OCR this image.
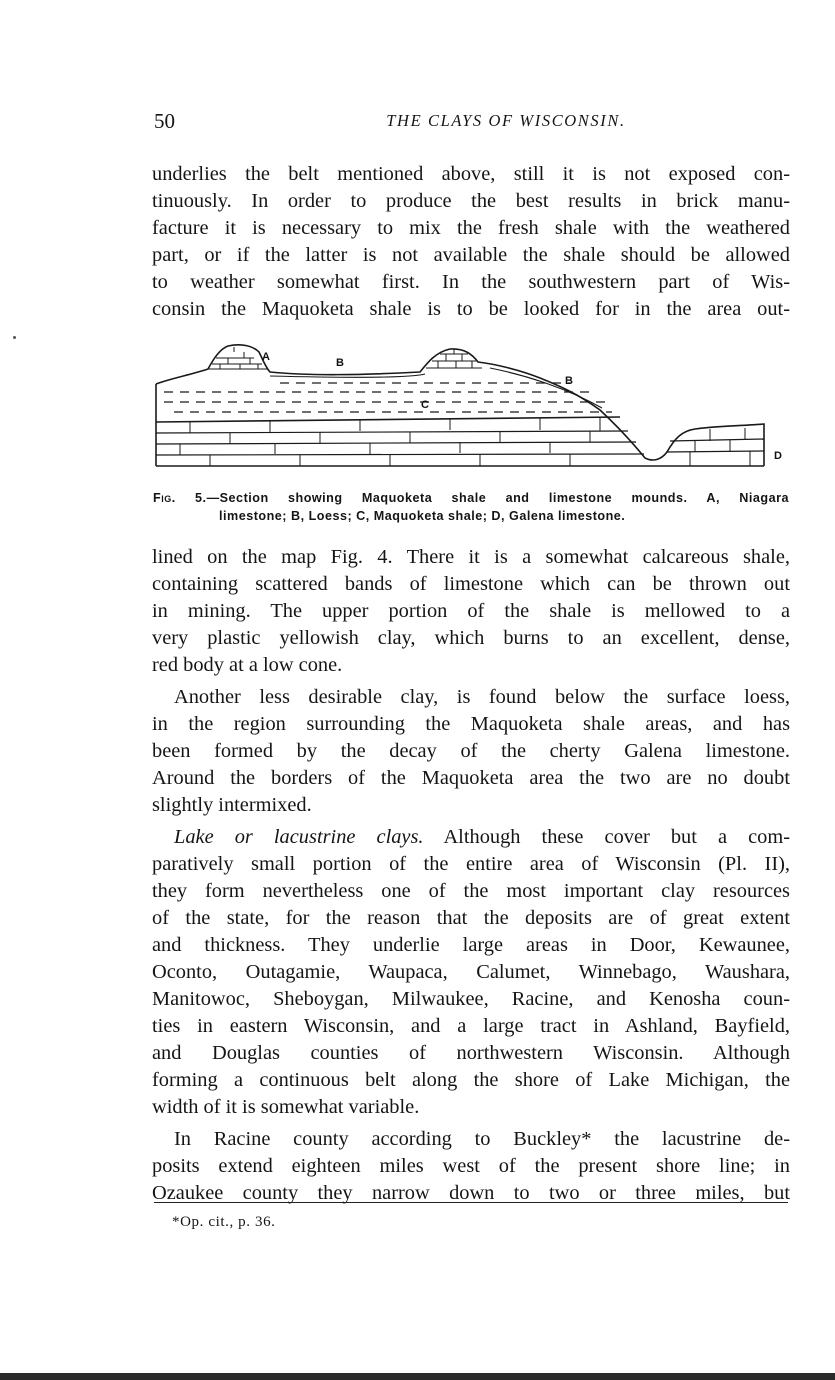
50	THE CLAYS OF WISCONSIN.

underlies the belt mentioned above, still it is not exposed con-

tinuously. In order to produce the best results in brick manu-

facture it is necessary to mix the fresh shale with the weathered

part, or if the latter is not available the shale should be allowed

to weather somewhat first. In the southwestern part of Wis-

consin the Maquoketa shale is to be looked for in the area out-

A	B
B
C
D
Fig. 5.—Section showing Maquoketa shale and limestone mounds. A, Niagara
limestone; B, Loess; C, Maquoketa shale; D, Galena limestone.

lined on the map Fig. 4. There it is a somewhat calcareous shale,

containing scattered bands of limestone which can be thrown out

in mining. The upper portion of the shale is mellowed to a

very plastic yellowish clay, which burns to an excellent, dense,

red body at a low cone.

Another less desirable clay, is found below the surface loess,

in the region surrounding the Maquoketa shale areas, and has

been formed by the decay of the cherty Galena limestone.

Around the borders of the Maquoketa area the two are no doubt

slightly intermixed.

Lake or lacustrine clays. Although these cover but a com-

paratively small portion of the entire area of Wisconsin (Pl. II),

they form nevertheless one of the most important clay resources

of the state, for the reason that the deposits are of great extent

and thickness. They underlie large areas in Door, Kewaunee,

Oconto, Outagamie, Waupaca, Calumet, Winnebago, Waushara,

Manitowoc, Sheboygan, Milwaukee, Racine, and Kenosha coun-

ties in eastern Wisconsin, and a large tract in Ashland, Bayfield,

and Douglas counties of northwestern Wisconsin. Although

forming a continuous belt along the shore of Lake Michigan, the

width of it is somewhat variable.

In Racine county according to Buckley* the lacustrine de-

posits extend eighteen miles west of the present shore line; in

Ozaukee county they narrow down to two or three miles, but

*Op. cit., p. 36.
